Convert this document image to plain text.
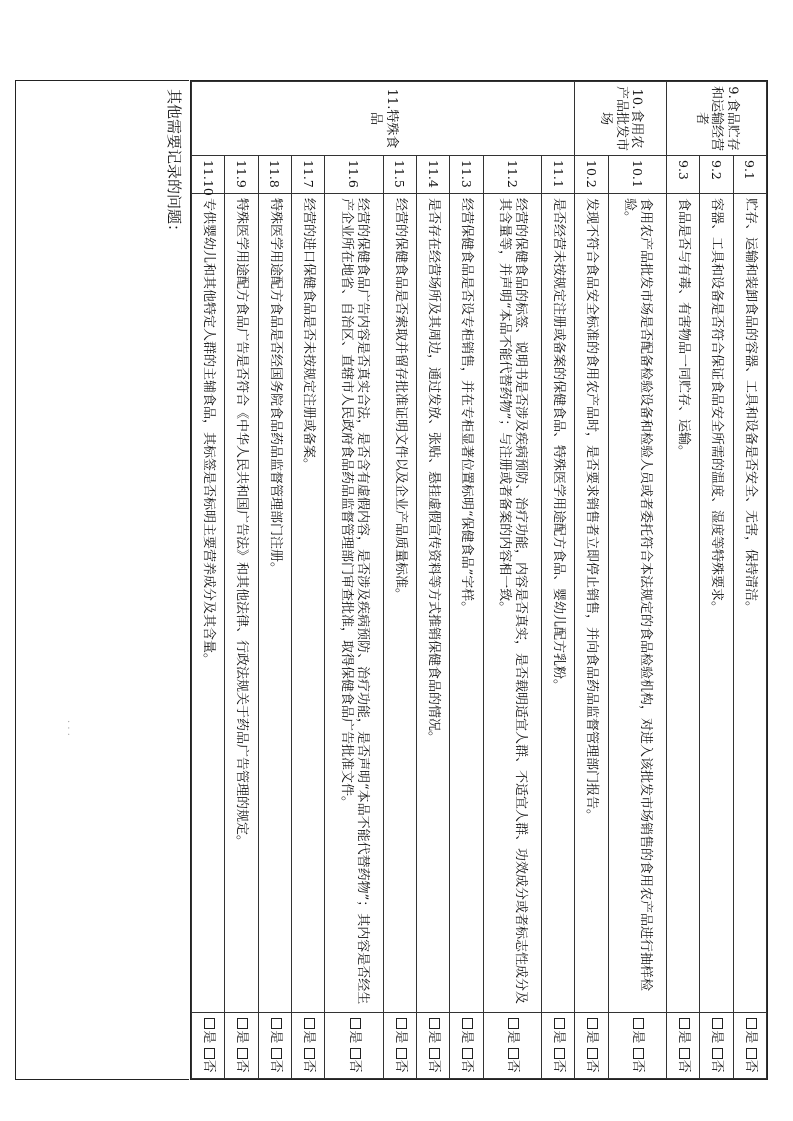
9.食品贮存和运输经营者	9.1	贮存、运输和装卸食品的容器、工具和设备是否安全、无害，保持清洁。	是 否
	9.2	容器、工具和设备是否符合保证食品安全所需的温度、湿度等特殊要求。	是 否
	9.3	食品是否与有毒、有害物品一同贮存、运输。	是 否
10.食用农产品批发市场	10.1	食用农产品批发市场是否配备检验设备和检验人员或者委托符合本法规定的食品检验机构，对进入该批发市场销售的食用农产品进行抽样检验。	是 否
	10.2	发现不符合食品安全标准的食用农产品时，是否要求销售者立即停止销售，并向食品药品监督管理部门报告。	是 否
11.特殊食品	11.1	是否经营未按规定注册或备案的保健食品、特殊医学用途配方食品、婴幼儿配方乳粉。	是 否
	11.2	经营的保健食品的标签、说明书是否涉及疾病预防、治疗功能，内容是否真实，是否载明适宜人群、不适宜人群、功效成分或者标志性成分及其含量等，并声明“本品不能代替药物”；与注册或者备案的内容相一致。	是 否
	11.3	经营保健食品是否设专柜销售，并在专柜显著位置标明“保健食品”字样。	是 否
	11.4	是否存在经营场所及其周边，通过发放、张贴、悬挂虚假宣传资料等方式推销保健食品的情况。	是 否
	11.5	经营的保健食品是否索取并留存批准证明文件以及企业产品质量标准。	是 否
	11.6	经营的保健食品广告内容是否真实合法，是否含有虚假内容，是否涉及疾病预防、治疗功能，是否声明“本品不能代替药物”；其内容是否经生产企业所在地省、自治区、直辖市人民政府食品药品监督管理部门审查批准，取得保健食品广告批准文件。	是 否
	11.7	经营的进口保健食品是否未按规定注册或备案。	是 否
	11.8	特殊医学用途配方食品是否经国务院食品药品监督管理部门注册。	是 否
	11.9	特殊医学用途配方食品广告是否符合《中华人民共和国广告法》和其他法律、行政法规关于药品广告管理的规定。	是 否
	11.10	专供婴幼儿和其他特定人群的主辅食品，其标签是否标明主要营养成分及其含量。	是 否
其他需要记录的问题：
· · ·
